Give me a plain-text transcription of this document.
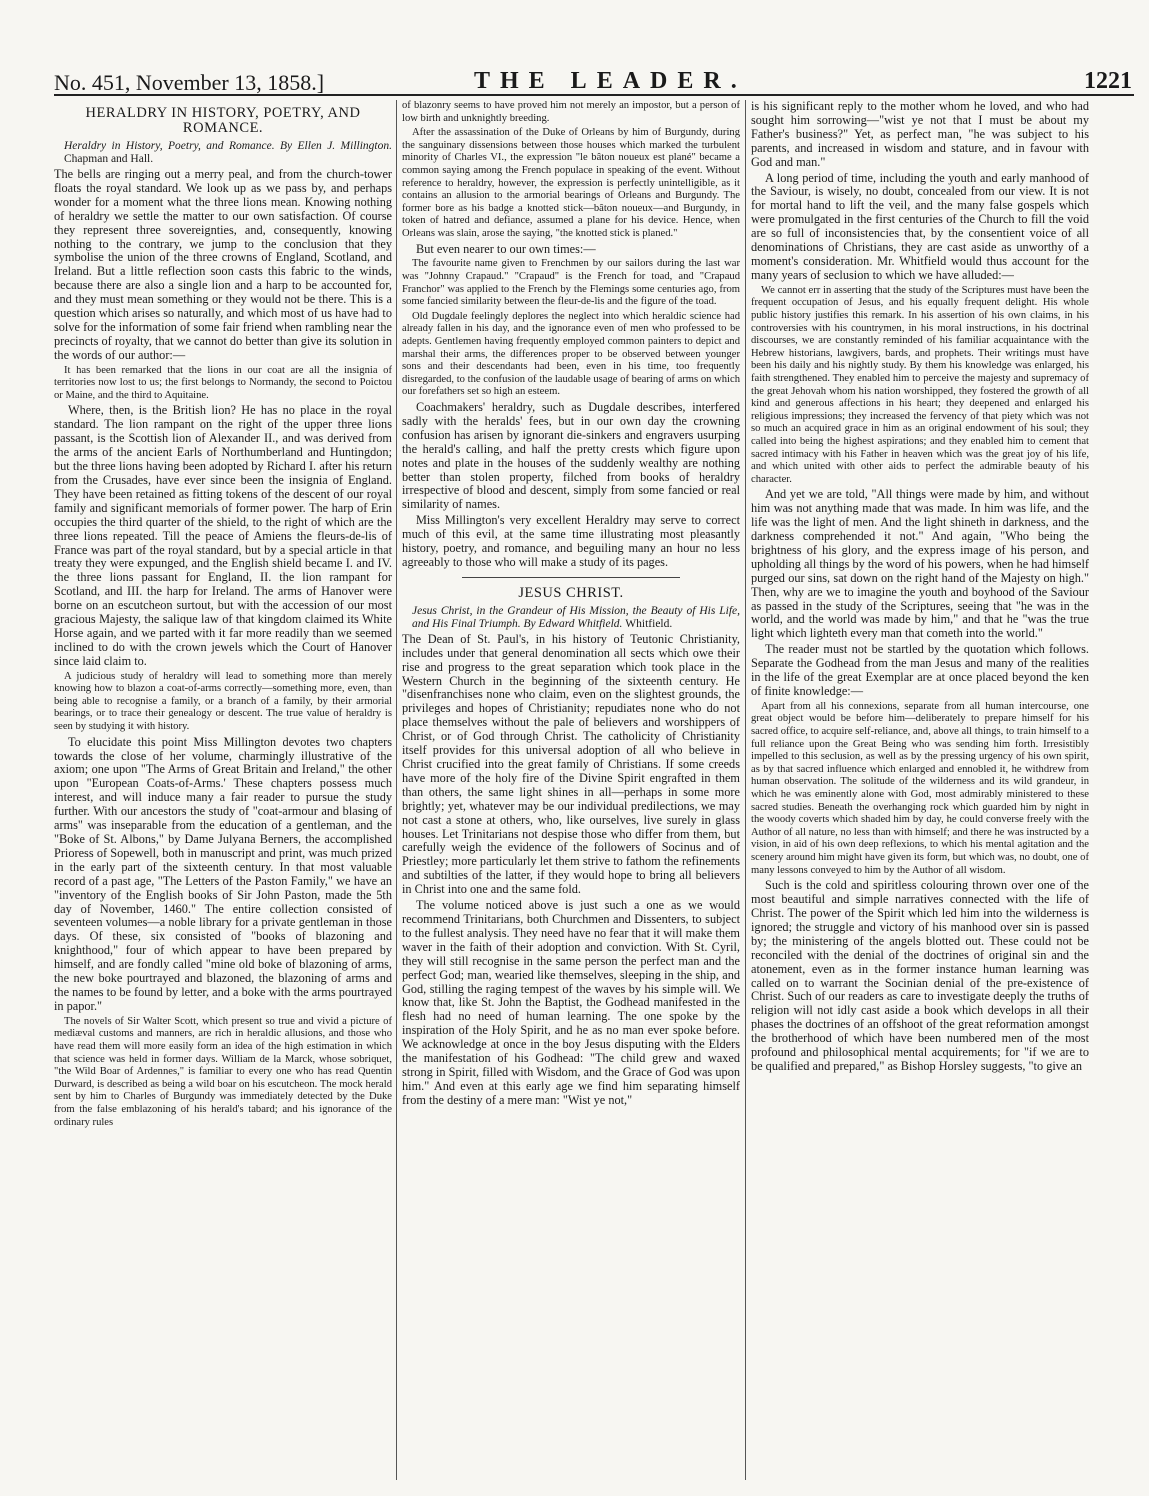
No. 451, November 13, 1858.]	THE LEADER.	1221
HERALDRY IN HISTORY, POETRY, AND ROMANCE.

Heraldry in History, Poetry, and Romance. By Ellen J. Millington. Chapman and Hall.

The bells are ringing out a merry peal, and from the church-tower floats the royal standard. We look up as we pass by, and perhaps wonder for a moment what the three lions mean. Knowing nothing of heraldry we settle the matter to our own satisfaction. Of course they represent three sovereignties, and, consequently, knowing nothing to the contrary, we jump to the conclusion that they symbolise the union of the three crowns of England, Scotland, and Ireland. But a little reflection soon casts this fabric to the winds, because there are also a single lion and a harp to be accounted for, and they must mean something or they would not be there. This is a question which arises so naturally, and which most of us have had to solve for the information of some fair friend when rambling near the precincts of royalty, that we cannot do better than give its solution in the words of our author:—

It has been remarked that the lions in our coat are all the insignia of territories now lost to us; the first belongs to Normandy, the second to Poictou or Maine, and the third to Aquitaine.

Where, then, is the British lion? He has no place in the royal standard. The lion rampant on the right of the upper three lions passant, is the Scottish lion of Alexander II., and was derived from the arms of the ancient Earls of Northumberland and Huntingdon; but the three lions having been adopted by Richard I. after his return from the Crusades, have ever since been the insignia of England. They have been retained as fitting tokens of the descent of our royal family and significant memorials of former power. The harp of Erin occupies the third quarter of the shield, to the right of which are the three lions repeated. Till the peace of Amiens the fleurs-de-lis of France was part of the royal standard, but by a special article in that treaty they were expunged, and the English shield became I. and IV. the three lions passant for England, II. the lion rampant for Scotland, and III. the harp for Ireland. The arms of Hanover were borne on an escutcheon surtout, but with the accession of our most gracious Majesty, the salique law of that kingdom claimed its White Horse again, and we parted with it far more readily than we seemed inclined to do with the crown jewels which the Court of Hanover since laid claim to.

A judicious study of heraldry will lead to something more than merely knowing how to blazon a coat-of-arms correctly—something more, even, than being able to recognise a family, or a branch of a family, by their armorial bearings, or to trace their genealogy or descent. The true value of heraldry is seen by studying it with history.

To elucidate this point Miss Millington devotes two chapters towards the close of her volume, charmingly illustrative of the axiom; one upon "The Arms of Great Britain and Ireland," the other upon "European Coats-of-Arms.' These chapters possess much interest, and will induce many a fair reader to pursue the study further. With our ancestors the study of "coat-armour and blasing of arms" was inseparable from the education of a gentleman, and the "Boke of St. Albons," by Dame Julyana Berners, the accomplished Prioress of Sopewell, both in manuscript and print, was much prized in the early part of the sixteenth century. In that most valuable record of a past age, "The Letters of the Paston Family," we have an "inventory of the English books of Sir John Paston, made the 5th day of November, 1460." The entire collection consisted of seventeen volumes—a noble library for a private gentleman in those days. Of these, six consisted of "books of blazoning and knighthood," four of which appear to have been prepared by himself, and are fondly called "mine old boke of blazoning of arms, the new boke pourtrayed and blazoned, the blazoning of arms and the names to be found by letter, and a boke with the arms pourtrayed in papor."

The novels of Sir Walter Scott, which present so true and vivid a picture of mediæval customs and manners, are rich in heraldic allusions, and those who have read them will more easily form an idea of the high estimation in which that science was held in former days. William de la Marck, whose sobriquet, "the Wild Boar of Ardennes," is familiar to every one who has read Quentin Durward, is described as being a wild boar on his escutcheon. The mock herald sent by him to Charles of Burgundy was immediately detected by the Duke from the false emblazoning of his herald's tabard; and his ignorance of the ordinary rules

of blazonry seems to have proved him not merely an impostor, but a person of low birth and unknightly breeding.

After the assassination of the Duke of Orleans by him of Burgundy, during the sanguinary dissensions between those houses which marked the turbulent minority of Charles VI., the expression "le bâton noueux est plané" became a common saying among the French populace in speaking of the event. Without reference to heraldry, however, the expression is perfectly unintelligible, as it contains an allusion to the armorial bearings of Orleans and Burgundy. The former bore as his badge a knotted stick—bâton noueux—and Burgundy, in token of hatred and defiance, assumed a plane for his device. Hence, when Orleans was slain, arose the saying, "the knotted stick is planed."

But even nearer to our own times:—

The favourite name given to Frenchmen by our sailors during the last war was "Johnny Crapaud." "Crapaud" is the French for toad, and "Crapaud Franchor" was applied to the French by the Flemings some centuries ago, from some fancied similarity between the fleur-de-lis and the figure of the toad.

Old Dugdale feelingly deplores the neglect into which heraldic science had already fallen in his day, and the ignorance even of men who professed to be adepts. Gentlemen having frequently employed common painters to depict and marshal their arms, the differences proper to be observed between younger sons and their descendants had been, even in his time, too frequently disregarded, to the confusion of the laudable usage of bearing of arms on which our forefathers set so high an esteem.

Coachmakers' heraldry, such as Dugdale describes, interfered sadly with the heralds' fees, but in our own day the crowning confusion has arisen by ignorant die-sinkers and engravers usurping the herald's calling, and half the pretty crests which figure upon notes and plate in the houses of the suddenly wealthy are nothing better than stolen property, filched from books of heraldry irrespective of blood and descent, simply from some fancied or real similarity of names.

Miss Millington's very excellent Heraldry may serve to correct much of this evil, at the same time illustrating most pleasantly history, poetry, and romance, and beguiling many an hour no less agreeably to those who will make a study of its pages.

JESUS CHRIST.

Jesus Christ, in the Grandeur of His Mission, the Beauty of His Life, and His Final Triumph. By Edward Whitfield. Whitfield.

The Dean of St. Paul's, in his history of Teutonic Christianity, includes under that general denomination all sects which owe their rise and progress to the great separation which took place in the Western Church in the beginning of the sixteenth century. He "disenfranchises none who claim, even on the slightest grounds, the privileges and hopes of Christianity; repudiates none who do not place themselves without the pale of believers and worshippers of Christ, or of God through Christ. The catholicity of Christianity itself provides for this universal adoption of all who believe in Christ crucified into the great family of Christians. If some creeds have more of the holy fire of the Divine Spirit engrafted in them than others, the same light shines in all—perhaps in some more brightly; yet, whatever may be our individual predilections, we may not cast a stone at others, who, like ourselves, live surely in glass houses. Let Trinitarians not despise those who differ from them, but carefully weigh the evidence of the followers of Socinus and of Priestley; more particularly let them strive to fathom the refinements and subtilties of the latter, if they would hope to bring all believers in Christ into one and the same fold.

The volume noticed above is just such a one as we would recommend Trinitarians, both Churchmen and Dissenters, to subject to the fullest analysis. They need have no fear that it will make them waver in the faith of their adoption and conviction. With St. Cyril, they will still recognise in the same person the perfect man and the perfect God; man, wearied like themselves, sleeping in the ship, and God, stilling the raging tempest of the waves by his simple will. We know that, like St. John the Baptist, the Godhead manifested in the flesh had no need of human learning. The one spoke by the inspiration of the Holy Spirit, and he as no man ever spoke before. We acknowledge at once in the boy Jesus disputing with the Elders the manifestation of his Godhead: "The child grew and waxed strong in Spirit, filled with Wisdom, and the Grace of God was upon him." And even at this early age we find him separating himself from the destiny of a mere man: "Wist ye not,"

is his significant reply to the mother whom he loved, and who had sought him sorrowing—"wist ye not that I must be about my Father's business?" Yet, as perfect man, "he was subject to his parents, and increased in wisdom and stature, and in favour with God and man."

A long period of time, including the youth and early manhood of the Saviour, is wisely, no doubt, concealed from our view. It is not for mortal hand to lift the veil, and the many false gospels which were promulgated in the first centuries of the Church to fill the void are so full of inconsistencies that, by the consentient voice of all denominations of Christians, they are cast aside as unworthy of a moment's consideration. Mr. Whitfield would thus account for the many years of seclusion to which we have alluded:—

We cannot err in asserting that the study of the Scriptures must have been the frequent occupation of Jesus, and his equally frequent delight. His whole public history justifies this remark. In his assertion of his own claims, in his controversies with his countrymen, in his moral instructions, in his doctrinal discourses, we are constantly reminded of his familiar acquaintance with the Hebrew historians, lawgivers, bards, and prophets. Their writings must have been his daily and his nightly study. By them his knowledge was enlarged, his faith strengthened. They enabled him to perceive the majesty and supremacy of the great Jehovah whom his nation worshipped, they fostered the growth of all kind and generous affections in his heart; they deepened and enlarged his religious impressions; they increased the fervency of that piety which was not so much an acquired grace in him as an original endowment of his soul; they called into being the highest aspirations; and they enabled him to cement that sacred intimacy with his Father in heaven which was the great joy of his life, and which united with other aids to perfect the admirable beauty of his character.

And yet we are told, "All things were made by him, and without him was not anything made that was made. In him was life, and the life was the light of men. And the light shineth in darkness, and the darkness comprehended it not." And again, "Who being the brightness of his glory, and the express image of his person, and upholding all things by the word of his powers, when he had himself purged our sins, sat down on the right hand of the Majesty on high." Then, why are we to imagine the youth and boyhood of the Saviour as passed in the study of the Scriptures, seeing that "he was in the world, and the world was made by him," and that he "was the true light which lighteth every man that cometh into the world."

The reader must not be startled by the quotation which follows. Separate the Godhead from the man Jesus and many of the realities in the life of the great Exemplar are at once placed beyond the ken of finite knowledge:—

Apart from all his connexions, separate from all human intercourse, one great object would be before him—deliberately to prepare himself for his sacred office, to acquire self-reliance, and, above all things, to train himself to a full reliance upon the Great Being who was sending him forth. Irresistibly impelled to this seclusion, as well as by the pressing urgency of his own spirit, as by that sacred influence which enlarged and ennobled it, he withdrew from human observation. The solitude of the wilderness and its wild grandeur, in which he was eminently alone with God, most admirably ministered to these sacred studies. Beneath the overhanging rock which guarded him by night in the woody coverts which shaded him by day, he could converse freely with the Author of all nature, no less than with himself; and there he was instructed by a vision, in aid of his own deep reflexions, to which his mental agitation and the scenery around him might have given its form, but which was, no doubt, one of many lessons conveyed to him by the Author of all wisdom.

Such is the cold and spiritless colouring thrown over one of the most beautiful and simple narratives connected with the life of Christ. The power of the Spirit which led him into the wilderness is ignored; the struggle and victory of his manhood over sin is passed by; the ministering of the angels blotted out. These could not be reconciled with the denial of the doctrines of original sin and the atonement, even as in the former instance human learning was called on to warrant the Socinian denial of the pre-existence of Christ. Such of our readers as care to investigate deeply the truths of religion will not idly cast aside a book which develops in all their phases the doctrines of an offshoot of the great reformation amongst the brotherhood of which have been numbered men of the most profound and philosophical mental acquirements; for "if we are to be qualified and prepared," as Bishop Horsley suggests, "to give an
